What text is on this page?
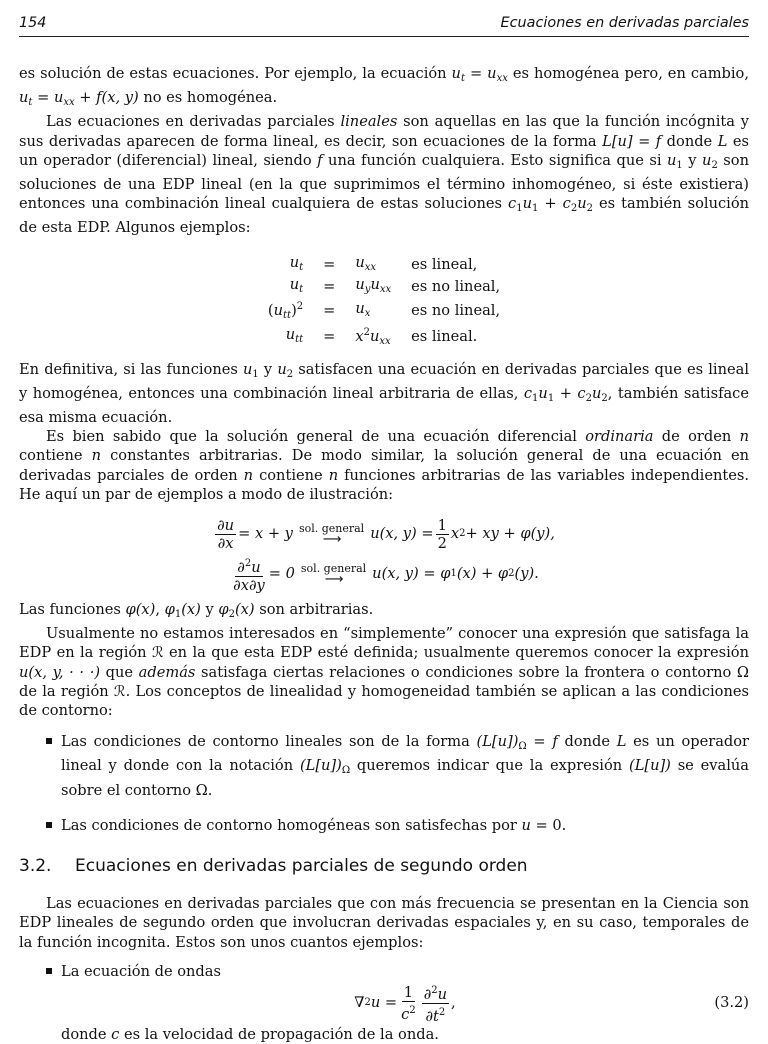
154	Ecuaciones en derivadas parciales

es solución de estas ecuaciones. Por ejemplo, la ecuación $u_t = u_{xx}$ es homogénea pero, en cambio, $u_t = u_{xx} + f(x$, y) no es homogénea.

Las ecuaciones en derivadas parciales lineales son aquellas en las que la función incógnita y sus derivadas aparecen de forma lineal, es decir, son ecuaciones de la forma L[u] = f donde L es un operador (diferencial) lineal, siendo f una función cualquiera. Esto significa que si $u_1$ y $u_2$ son soluciones de una EDP lineal (en la que suprimimos el término inhomogéneo, si éste existiera) entonces una combinación lineal cualquiera de estas soluciones $c_1u_1 + c_2u_2$ es también solución de esta EDP. Algunos ejemplos:

$u_t$	=	$u_{xx}$	es lineal,
$u_t$	=	$u_yu_{xx}$	es no lineal,
$(u_{tt})^2$	=	$u_x$	es no lineal,
$u_{tt}$	=	$x^2u_{xx}$	es lineal.

En definitiva, si las funciones $u_1$ y $u_2$ satisfacen una ecuación en derivadas parciales que es lineal y homogénea, entonces una combinación lineal arbitraria de ellas, $c_1u_1 + c_2u_2$, también satisface esa misma ecuación.

Es bien sabido que la solución general de una ecuación diferencial ordinaria de orden n contiene n constantes arbitrarias. De modo similar, la solución general de una ecuación en derivadas parciales de orden n contiene n funciones arbitrarias de las variables independientes. He aquí un par de ejemplos a modo de ilustración:

$\frac{\partial u}{\partial x} = x + y$ sol. general
⟶ u(x, $y) = \frac{1}{2}$ x 2 + xy + φ(y),
$\frac{\partial^2u}{\partial x\partial y} = 0$ sol. general
⟶ u(x, y) = φ 1 (x) + φ 2 (y).

Las funciones φ(x), $\varphi_1(x)$ y $\varphi_2(x)$ son arbitrarias.

Usualmente no estamos interesados en “simplemente” conocer una expresión que satisfaga la EDP en la región ℛ en la que esta EDP esté definida; usualmente queremos conocer la expresión u(x, y, · · ·) que además satisfaga ciertas relaciones o condiciones sobre la frontera o contorno Ω de la región ℛ. Los conceptos de linealidad y homogeneidad también se aplican a las condiciones de contorno:

Las condiciones de contorno lineales son de la forma $(L[u])_\Omega = f$ donde L es un operador lineal y donde con la notación $(L[u])_\Omega$ queremos indicar que la expresión (L[u]) se evalúa sobre el contorno Ω.
Las condiciones de contorno homogéneas son satisfechas por u = 0.
3.2.	Ecuaciones en derivadas parciales de segundo orden

Las ecuaciones en derivadas parciales que con más frecuencia se presentan en la Ciencia son EDP lineales de segundo orden que involucran derivadas espaciales y, en su caso, temporales de la función incognita. Estos son unos cuantos ejemplos:

La ecuación de ondas
∇ 2 $u = \frac{1}{c^2} \frac{\partial^2u}{\partial t^2}$ ,	(3.2)
donde c es la velocidad de propagación de la onda.
